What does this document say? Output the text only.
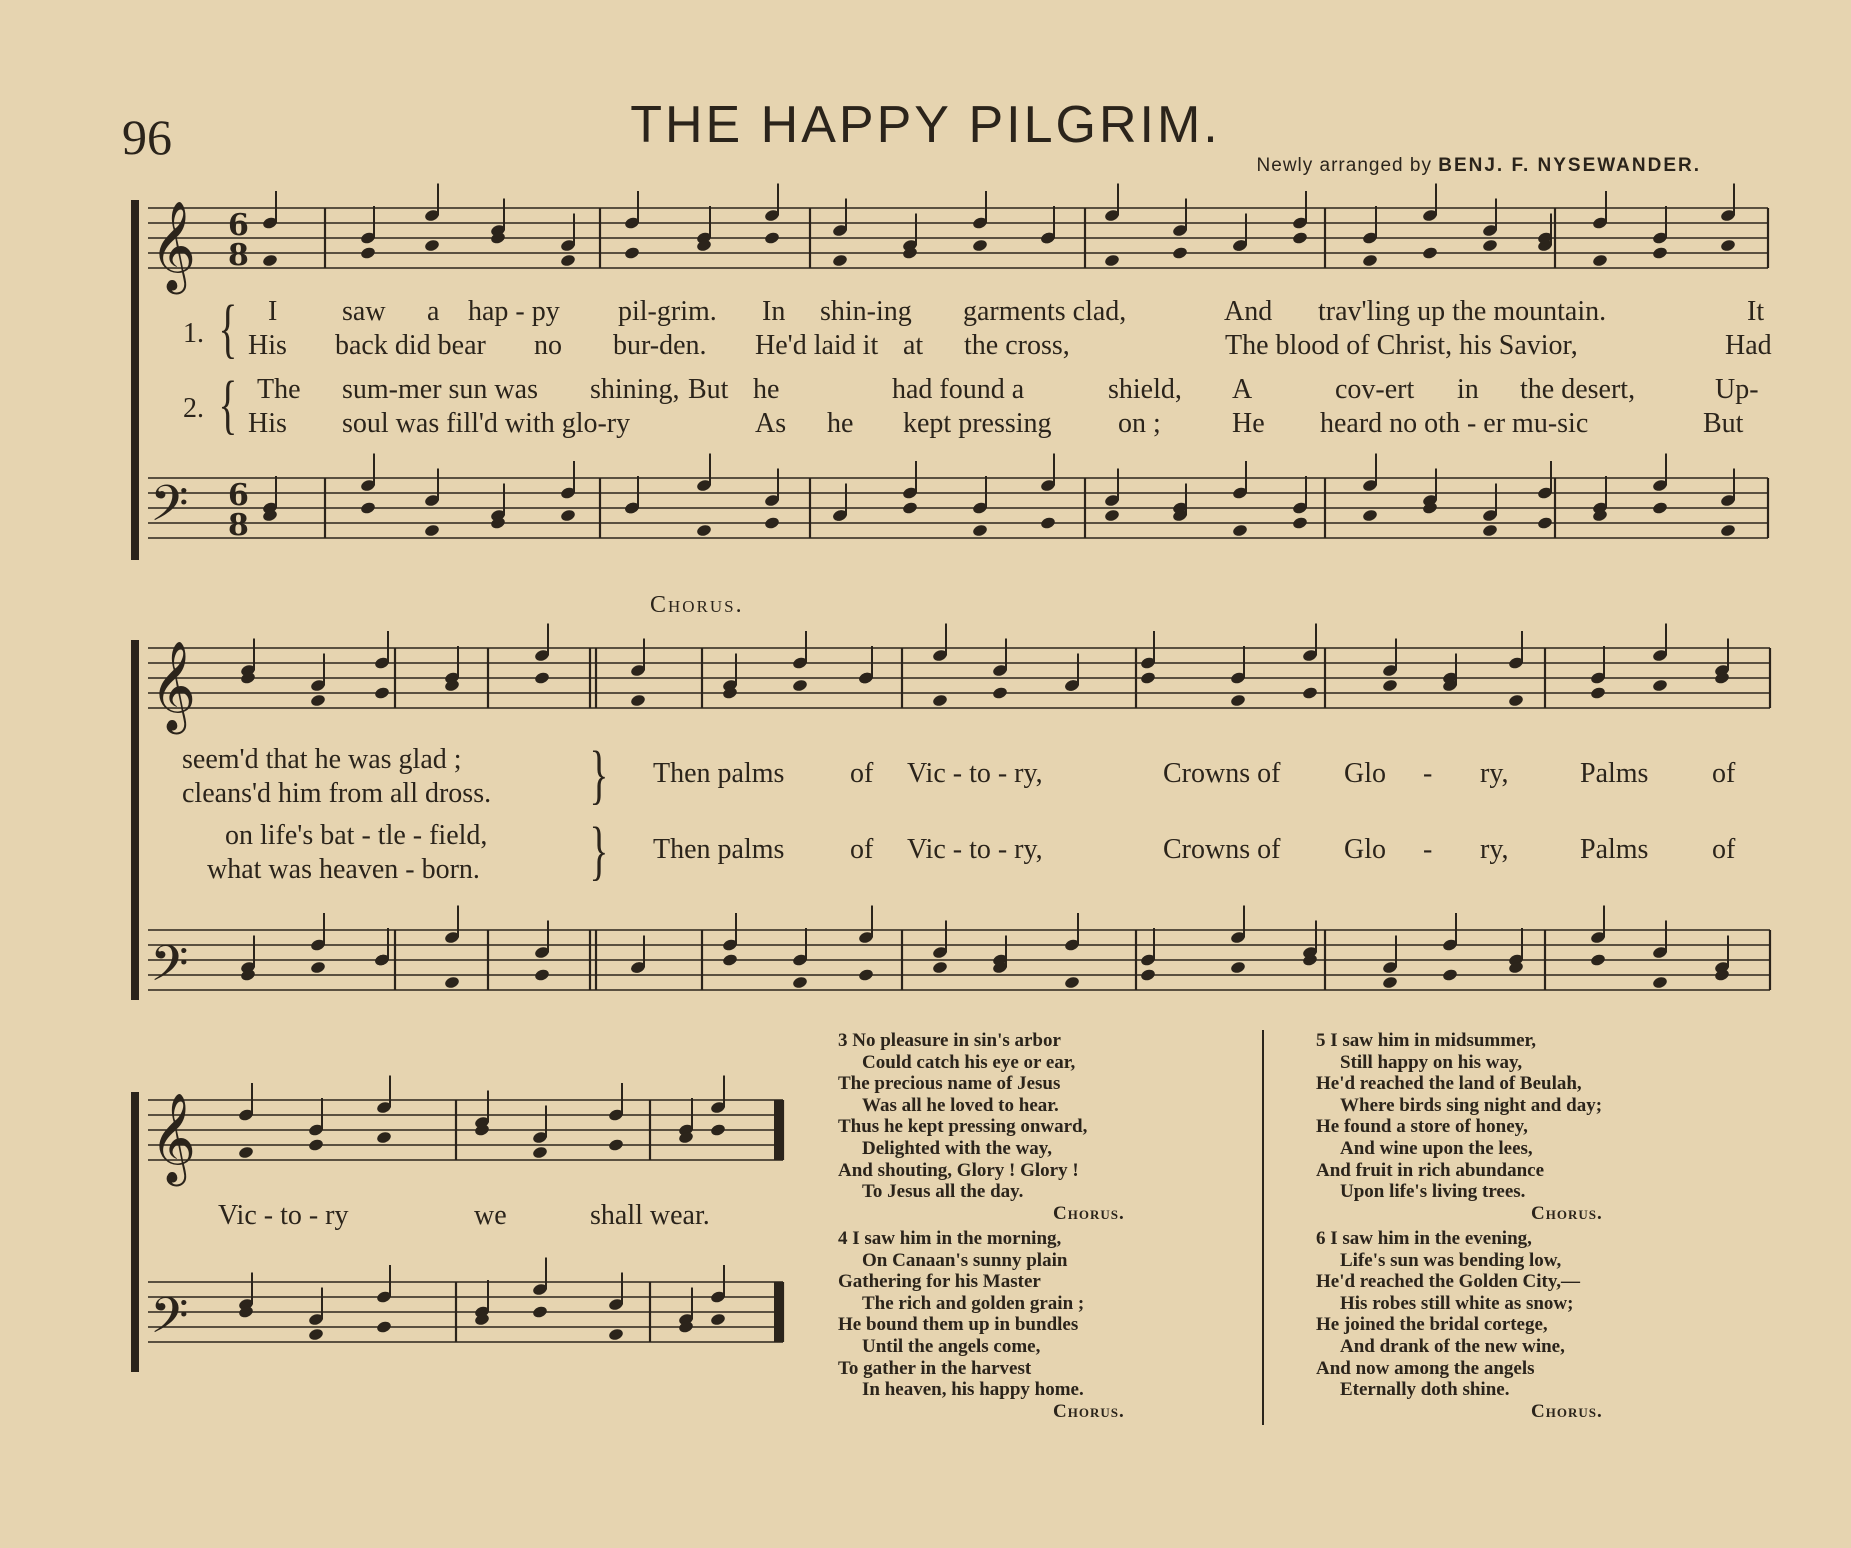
96	THE HAPPY PILGRIM.
Newly arranged by BENJ. F. NYSEWANDER.
𝄞
𝄢
6
8
6
8
𝄞
𝄢
𝄞
𝄢
1. {
2. {
I saw a hap - py pil-grim. In shin-ing garments clad,	And trav'ling up the mountain.	It
His back did bear no bur-den. He'd laid it at the cross,	The blood of Christ, his Savior,	Had
The sum-mer sun was shining, But he	had found a	shield, A	cov-ert in the desert,	Up-
His soul was fill'd with glo-ry	As he kept pressing on ;	He heard no oth - er mu-sic	But
Chorus.
seem'd that he was glad ;
cleans'd him from all dross. }
on life's bat - tle - field,
what was heaven - born. }
Then palms of Vic - to - ry,	Crowns of Glo - ry,	Palms of
Then palms of Vic - to - ry,	Crowns of Glo - ry,	Palms of
Vic - to - ry	we	shall wear.
3 No pleasure in sin's arbor
Could catch his eye or ear,
The precious name of Jesus
Was all he loved to hear.
Thus he kept pressing onward,
Delighted with the way,
And shouting, Glory ! Glory !
To Jesus all the day.
Chorus.
4 I saw him in the morning,
On Canaan's sunny plain
Gathering for his Master
The rich and golden grain ;
He bound them up in bundles
Until the angels come,
To gather in the harvest
In heaven, his happy home.
Chorus.
5 I saw him in midsummer,
Still happy on his way,
He'd reached the land of Beulah,
Where birds sing night and day;
He found a store of honey,
And wine upon the lees,
And fruit in rich abundance
Upon life's living trees.
Chorus.
6 I saw him in the evening,
Life's sun was bending low,
He'd reached the Golden City,—
His robes still white as snow;
He joined the bridal cortege,
And drank of the new wine,
And now among the angels
Eternally doth shine.
Chorus.
